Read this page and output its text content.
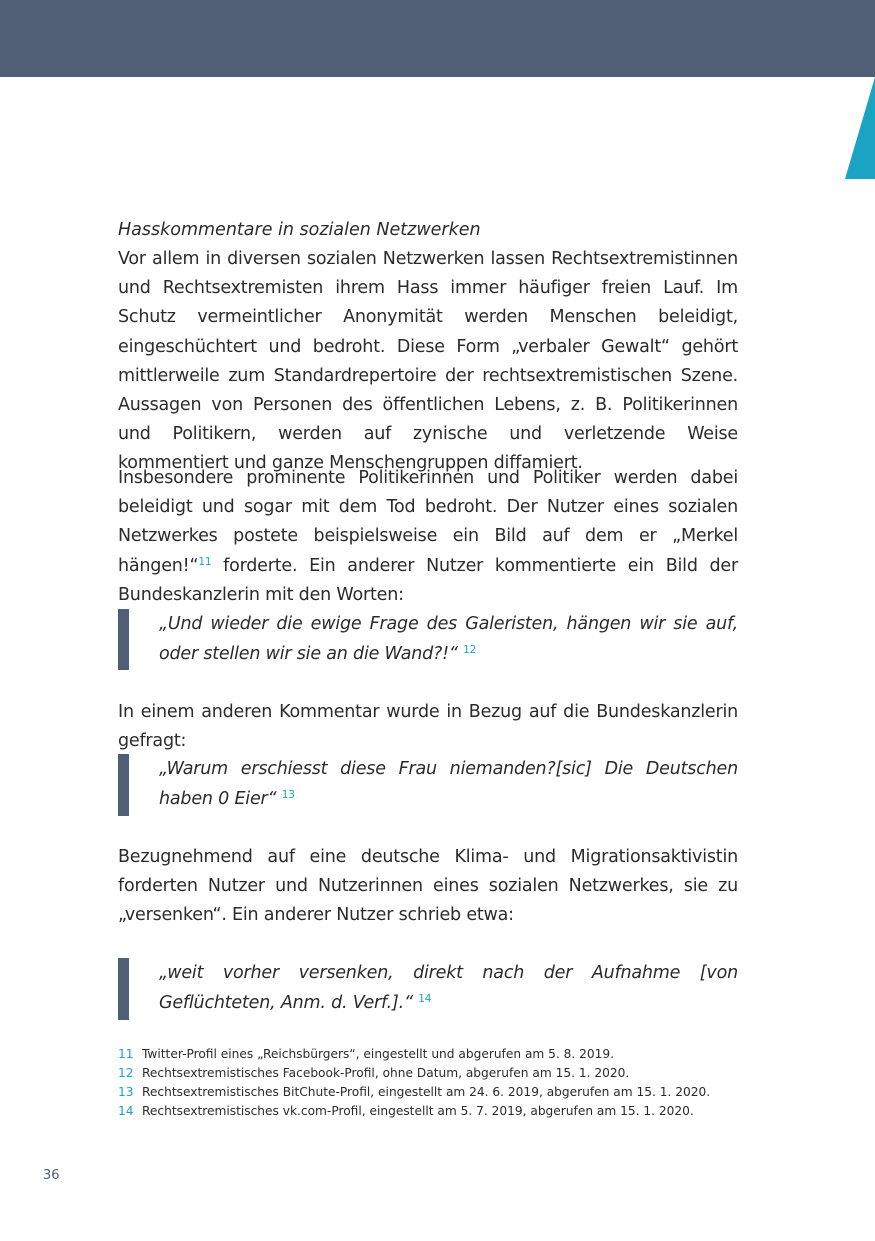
Hasskommentare in sozialen Netzwerken

Vor allem in diversen sozialen Netzwerken lassen Rechtsextremistinnen und Rechtsextremisten ihrem Hass immer häufiger freien Lauf. Im Schutz vermeintlicher Anonymität werden Menschen beleidigt, eingeschüchtert und bedroht. Diese Form „verbaler Gewalt“ gehört mittlerweile zum Standardrepertoire der rechtsextremistischen Szene. Aussagen von Personen des öffentlichen Lebens, z. B. Politikerinnen und Politikern, werden auf zynische und verletzende Weise kommentiert und ganze Menschengruppen diffamiert.

Insbesondere prominente Politikerinnen und Politiker werden dabei beleidigt und sogar mit dem Tod bedroht. Der Nutzer eines sozialen Netzwerkes postete beispielsweise ein Bild auf dem er „Merkel hängen!“$^{11}$ forderte. Ein anderer Nutzer kommentierte ein Bild der Bundeskanzlerin mit den Worten:

„Und wieder die ewige Frage des Galeristen, hängen wir sie auf, oder stellen wir sie an die Wand?!“ $^{12}$

In einem anderen Kommentar wurde in Bezug auf die Bundeskanzlerin gefragt:

„Warum erschiesst diese Frau niemanden?[sic] Die Deutschen haben 0 Eier“ $^{13}$

Bezugnehmend auf eine deutsche Klima- und Migrationsaktivistin forderten Nutzer und Nutzerinnen eines sozialen Netzwerkes, sie zu „versenken“. Ein anderer Nutzer schrieb etwa:

„weit vorher versenken, direkt nach der Aufnahme [von Geflüchteten, Anm. d. Verf.].“ $^{14}$

11 Twitter-Profil eines „Reichsbürgers“, eingestellt und abgerufen am 5. 8. 2019.
12 Rechtsextremistisches Facebook-Profil, ohne Datum, abgerufen am 15. 1. 2020.
13 Rechtsextremistisches BitChute-Profil, eingestellt am 24. 6. 2019, abgerufen am 15. 1. 2020.
14 Rechtsextremistisches vk.com-Profil, eingestellt am 5. 7. 2019, abgerufen am 15. 1. 2020.
36
